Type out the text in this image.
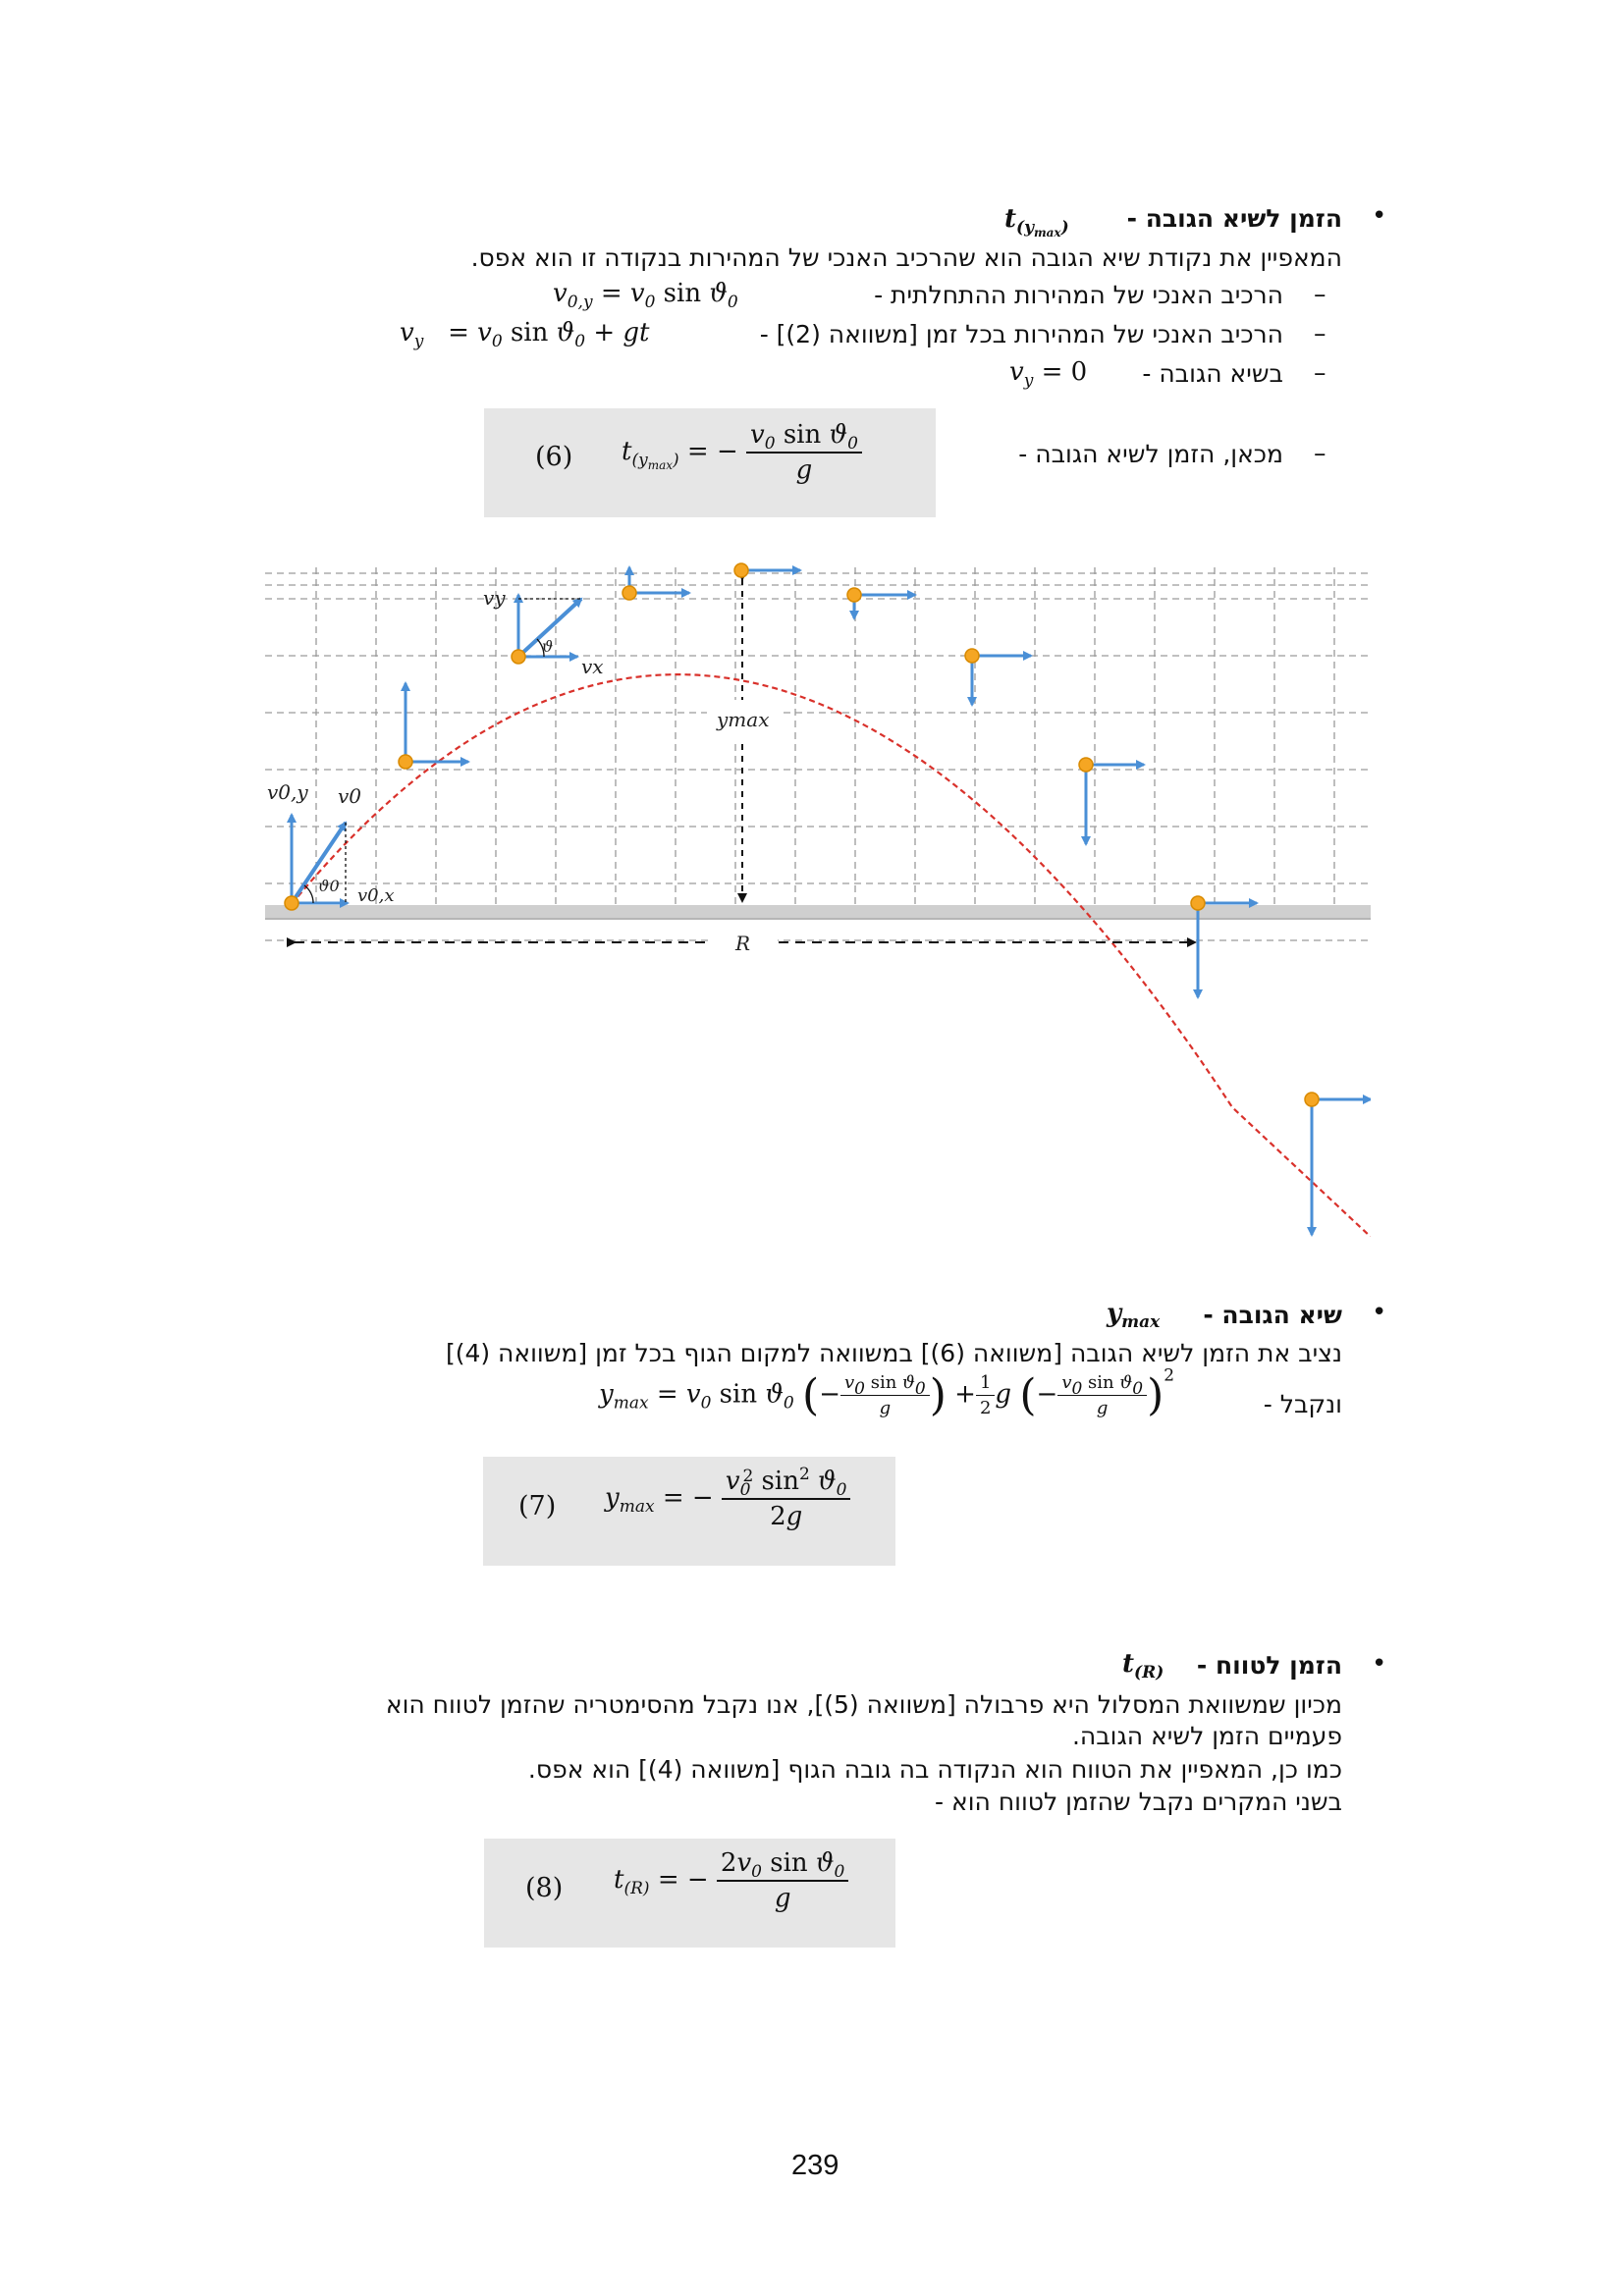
•
הזמן לשיא הגובה -
$t_{(y_{max})}$
המאפיין את נקודת שיא הגובה הוא שהרכיב האנכי של המהירות בנקודה זו הוא אפס.
–
הרכיב האנכי של המהירות ההתחלתית -
$v_{0,y} = v_0$ $\sin ϑ_0$
–
הרכיב האנכי של המהירות בכל זמן [משוואה (2)] -
$v_y = v_0$ $\sin ϑ_0$ + gt
–
בשיא הגובה -
$v_y = 0$
(6) $t_{(y_{max})}$ = − $\frac{v_0 \sin ϑ_0}{g}$	–
מכאן, הזמן לשיא הגובה -
vy
vx
ϑ
v0,y v0
ϑ0 v0,x
ymax
R
•
שיא הגובה -
$y_{max}$
נציב את הזמן לשיא הגובה [משוואה (6)] במשוואה למקום הגוף בכל זמן [משוואה (4)]
ונקבל -
$y_{max} = v_0$ $\sin ϑ_0$ (− $\frac{v_0 \sin ϑ_0}{g}$ ) + $\frac{1}{2}$ g (− $\frac{v_0 \sin ϑ_0}{g} )^2$
(7) $y_{max}$ = − $\frac{v_0^2 \sin^2 ϑ_0}{2g}$
•
הזמן לטווח -
$t_{(R)}$
מכיון שמשוואת המסלול היא פרבולה [משוואה (5)], אנו נקבל מהסימטריה שהזמן לטווח הוא
פעמיים הזמן לשיא הגובה.
כמו כן, המאפיין את הטווח הוא הנקודה בה גובה הגוף [משוואה (4)] הוא אפס.
בשני המקרים נקבל שהזמן לטווח הוא -
(8) $t_{(R)}$ = − $\frac{2v_0 \sin ϑ_0}{g}$
239
